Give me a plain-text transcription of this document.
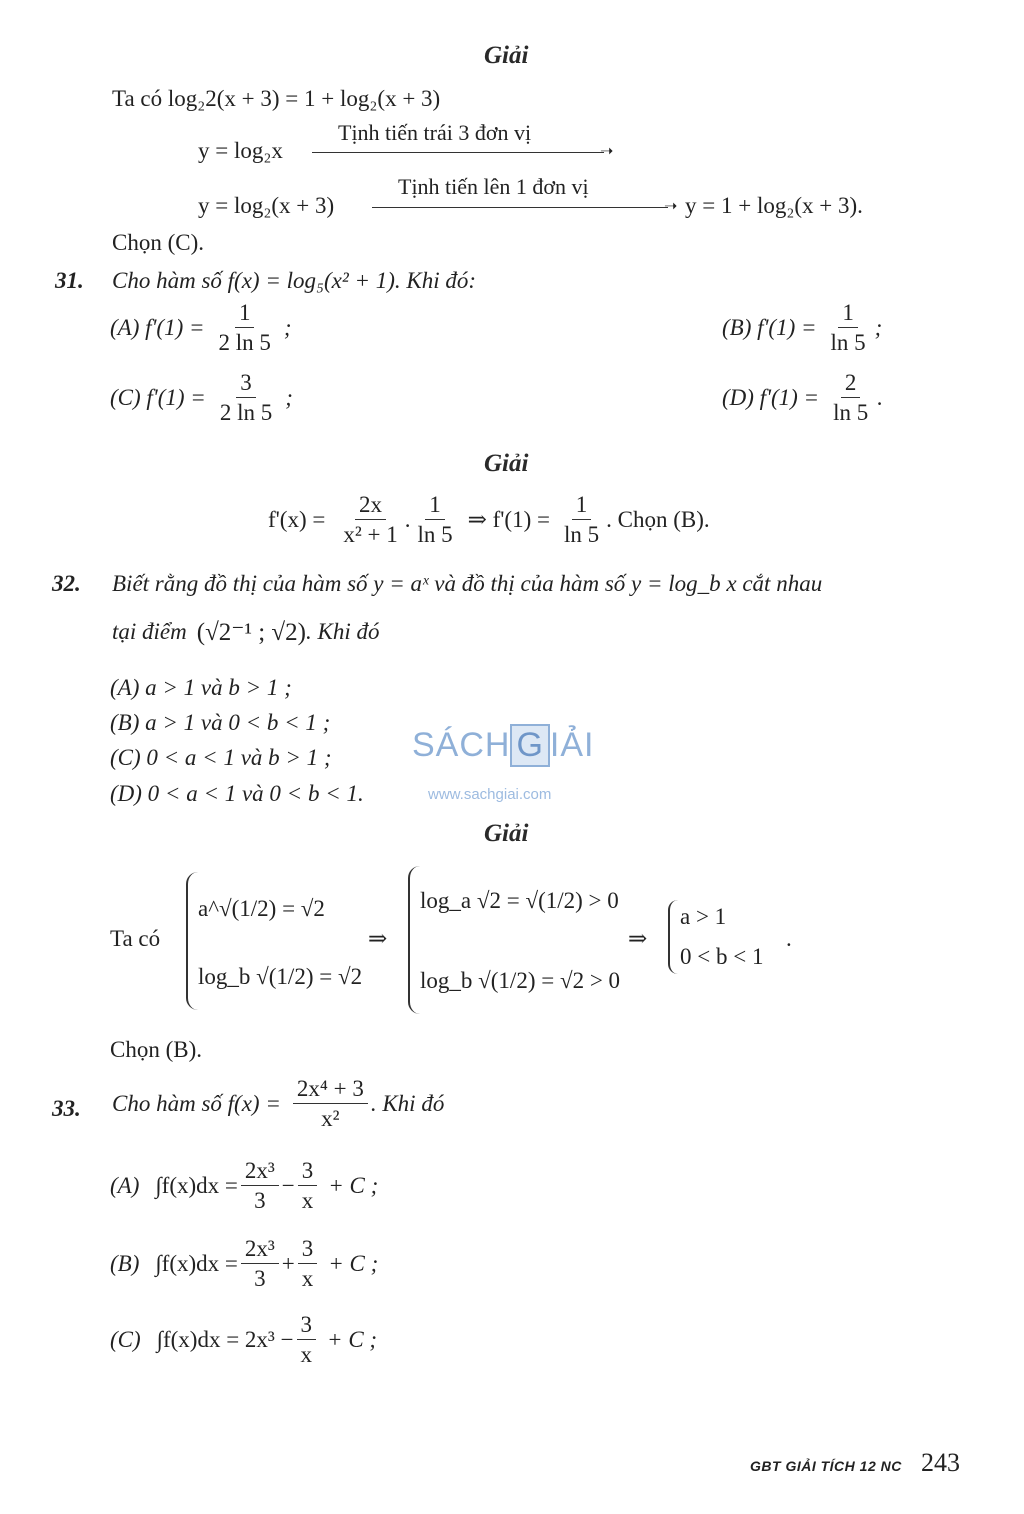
Giải
Ta có log₂2(x + 3) = 1 + log₂(x + 3)
y = log₂x
Tịnh tiến trái 3 đơn vị
➝
y = log₂(x + 3)
Tịnh tiến lên 1 đơn vị
➝ y = 1 + log₂(x + 3).
Chọn (C).
31. Cho hàm số f(x) = log₅(x² + 1). Khi đó:
(A) $f'(1) = \frac{1}{2 \ln 5}$ ;	(B) $f'(1) = \frac{1}{\ln 5}$ ;
(C) $f'(1) = \frac{3}{2 \ln 5}$ ;	(D) $f'(1) = \frac{2}{\ln 5}$ .
Giải
$f'(x) = \frac{2x}{\text{x² + 1}}$ . $\frac{1}{\ln 5}$ ⇒ $f'(1) = \frac{1}{\ln 5}$ . Chọn (B).
32. Biết rằng đồ thị của hàm số y = aˣ và đồ thị của hàm số y = log_b x cắt nhau
tại điểm (√2⁻¹ ; √2) . Khi đó
(A) a > 1 và b > 1 ;
(B) a > 1 và 0 < b < 1 ;
(C) 0 < a < 1 và b > 1 ;
(D) 0 < a < 1 và 0 < b < 1.
SÁCH G IẢI
www.sachgiai.com
Giải
Ta có
a^√(1/2) = √2
log_b √(1/2) = √2
⇒
log_a √2 = √(1/2) > 0
log_b √(1/2) = √2 > 0
⇒
a > 1
0 < b < 1
.
Chọn (B).
33. Cho hàm số $f(x) = \frac{\text{2x⁴ + 3}}{\text{x²}}$ . Khi đó
(A) $\int f(x)dx = \frac{\text{2x³}}{3} - \frac{3}{x} + C$ ;
(B) $\int f(x)dx = \frac{\text{2x³}}{3} + \frac{3}{x} + C$ ;
(C) $\int f(x)dx = 2x^3 - \frac{3}{x} + C$ ;
GBT GIẢI TÍCH 12 NC 243
